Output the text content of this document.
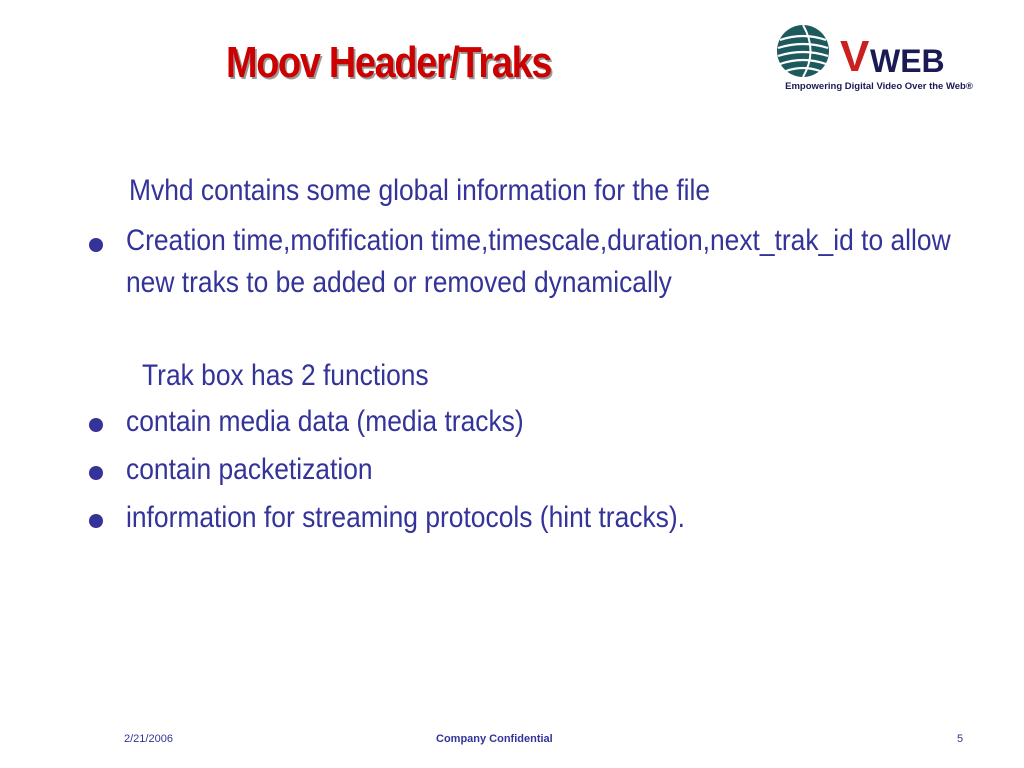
Moov Header/Traks	V WEB
Empowering Digital Video Over the Web®
Mvhd contains some global information for the file
Creation time,mofification time,timescale,duration,next_trak_id to allow new traks to be added or removed dynamically
Trak box has 2 functions
contain media data (media tracks)
contain packetization
information for streaming protocols (hint tracks).
2/21/2006	Company Confidential	5
